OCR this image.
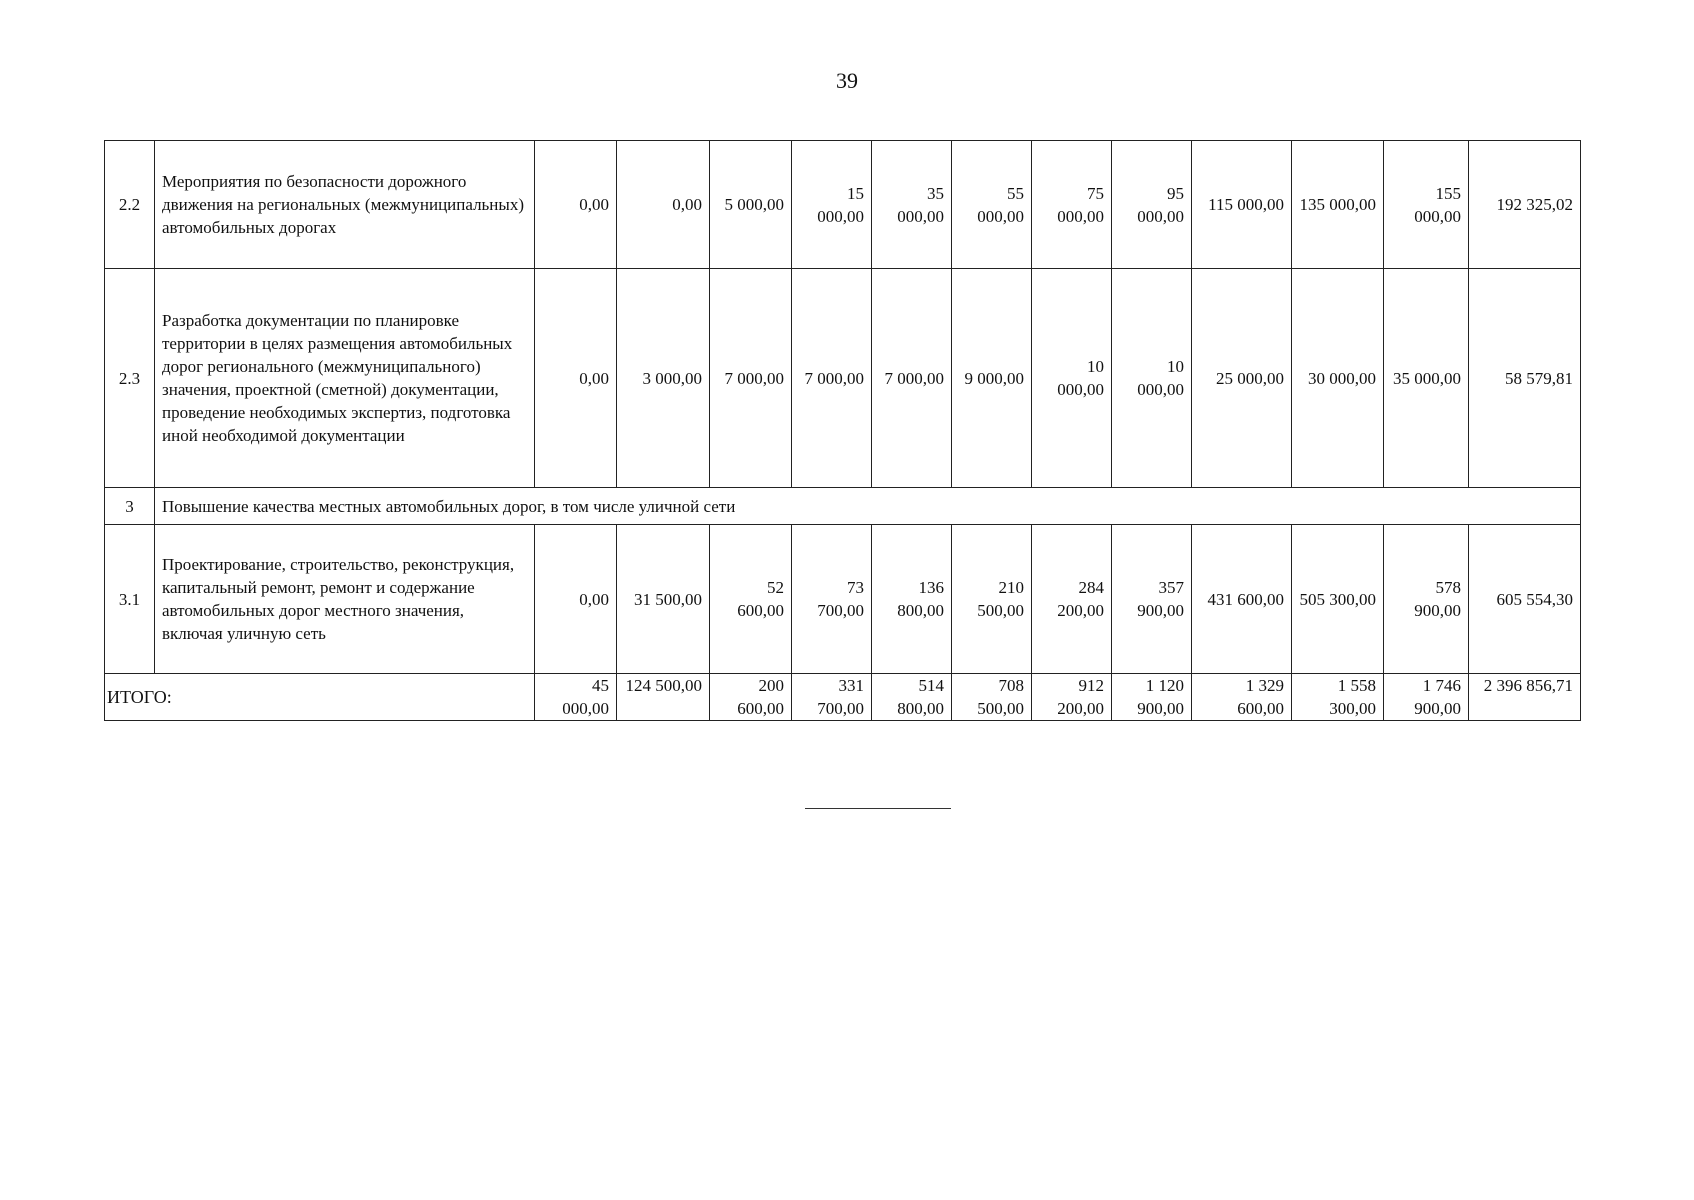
39
2.2	Мероприятия по безопасности дорожного движения на региональных (межмуниципальных) автомобильных дорогах	0,00	0,00	5 000,00	15 000,00	35 000,00	55 000,00	75 000,00	95 000,00	115 000,00	135 000,00	155 000,00	192 325,02
2.3	Разработка документации по планировке территории в целях размещения автомобильных дорог регионального (межмуниципального) значения, проектной (сметной) документации, проведение необходимых экспертиз, подготовка иной необходимой документации	0,00	3 000,00	7 000,00	7 000,00	7 000,00	9 000,00	10 000,00	10 000,00	25 000,00	30 000,00	35 000,00	58 579,81
3	Повышение качества местных автомобильных дорог, в том числе уличной сети												
3.1	Проектирование, строительство, реконструкция, капитальный ремонт, ремонт и содержание автомобильных дорог местного значения, включая уличную сеть	0,00	31 500,00	52 600,00	73 700,00	136 800,00	210 500,00	284 200,00	357 900,00	431 600,00	505 300,00	578 900,00	605 554,30
ИТОГО:		45 000,00	124 500,00	200 600,00	331 700,00	514 800,00	708 500,00	912 200,00	1 120 900,00	1 329 600,00	1 558 300,00	1 746 900,00	2 396 856,71
